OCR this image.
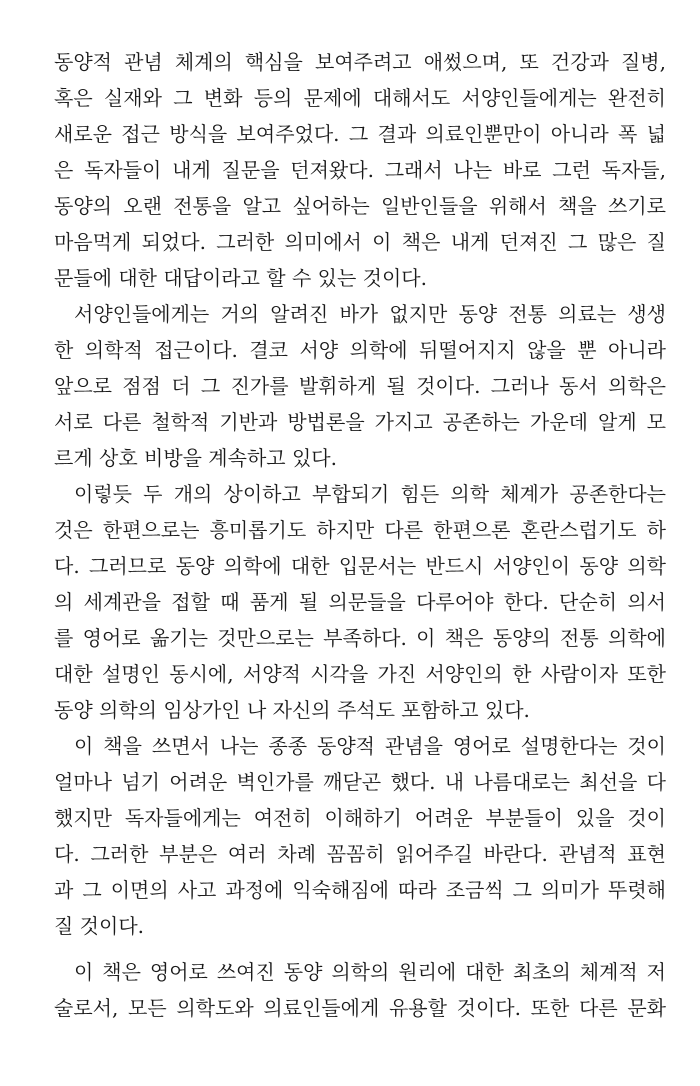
동양적 관념 체계의 핵심을 보여주려고 애썼으며, 또 건강과 질병,
혹은 실재와 그 변화 등의 문제에 대해서도 서양인들에게는 완전히
새로운 접근 방식을 보여주었다. 그 결과 의료인뿐만이 아니라 폭 넓
은 독자들이 내게 질문을 던져왔다. 그래서 나는 바로 그런 독자들,
동양의 오랜 전통을 알고 싶어하는 일반인들을 위해서 책을 쓰기로
마음먹게 되었다. 그러한 의미에서 이 책은 내게 던져진 그 많은 질
문들에 대한 대답이라고 할 수 있는 것이다.
서양인들에게는 거의 알려진 바가 없지만 동양 전통 의료는 생생
한 의학적 접근이다. 결코 서양 의학에 뒤떨어지지 않을 뿐 아니라
앞으로 점점 더 그 진가를 발휘하게 될 것이다. 그러나 동서 의학은
서로 다른 철학적 기반과 방법론을 가지고 공존하는 가운데 알게 모
르게 상호 비방을 계속하고 있다.
이렇듯 두 개의 상이하고 부합되기 힘든 의학 체계가 공존한다는
것은 한편으로는 흥미롭기도 하지만 다른 한편으론 혼란스럽기도 하
다. 그러므로 동양 의학에 대한 입문서는 반드시 서양인이 동양 의학
의 세계관을 접할 때 품게 될 의문들을 다루어야 한다. 단순히 의서
를 영어로 옮기는 것만으로는 부족하다. 이 책은 동양의 전통 의학에
대한 설명인 동시에, 서양적 시각을 가진 서양인의 한 사람이자 또한
동양 의학의 임상가인 나 자신의 주석도 포함하고 있다.
이 책을 쓰면서 나는 종종 동양적 관념을 영어로 설명한다는 것이
얼마나 넘기 어려운 벽인가를 깨닫곤 했다. 내 나름대로는 최선을 다
했지만 독자들에게는 여전히 이해하기 어려운 부분들이 있을 것이
다. 그러한 부분은 여러 차례 꼼꼼히 읽어주길 바란다. 관념적 표현
과 그 이면의 사고 과정에 익숙해짐에 따라 조금씩 그 의미가 뚜렷해
질 것이다.
이 책은 영어로 쓰여진 동양 의학의 원리에 대한 최초의 체계적 저
술로서, 모든 의학도와 의료인들에게 유용할 것이다. 또한 다른 문화
